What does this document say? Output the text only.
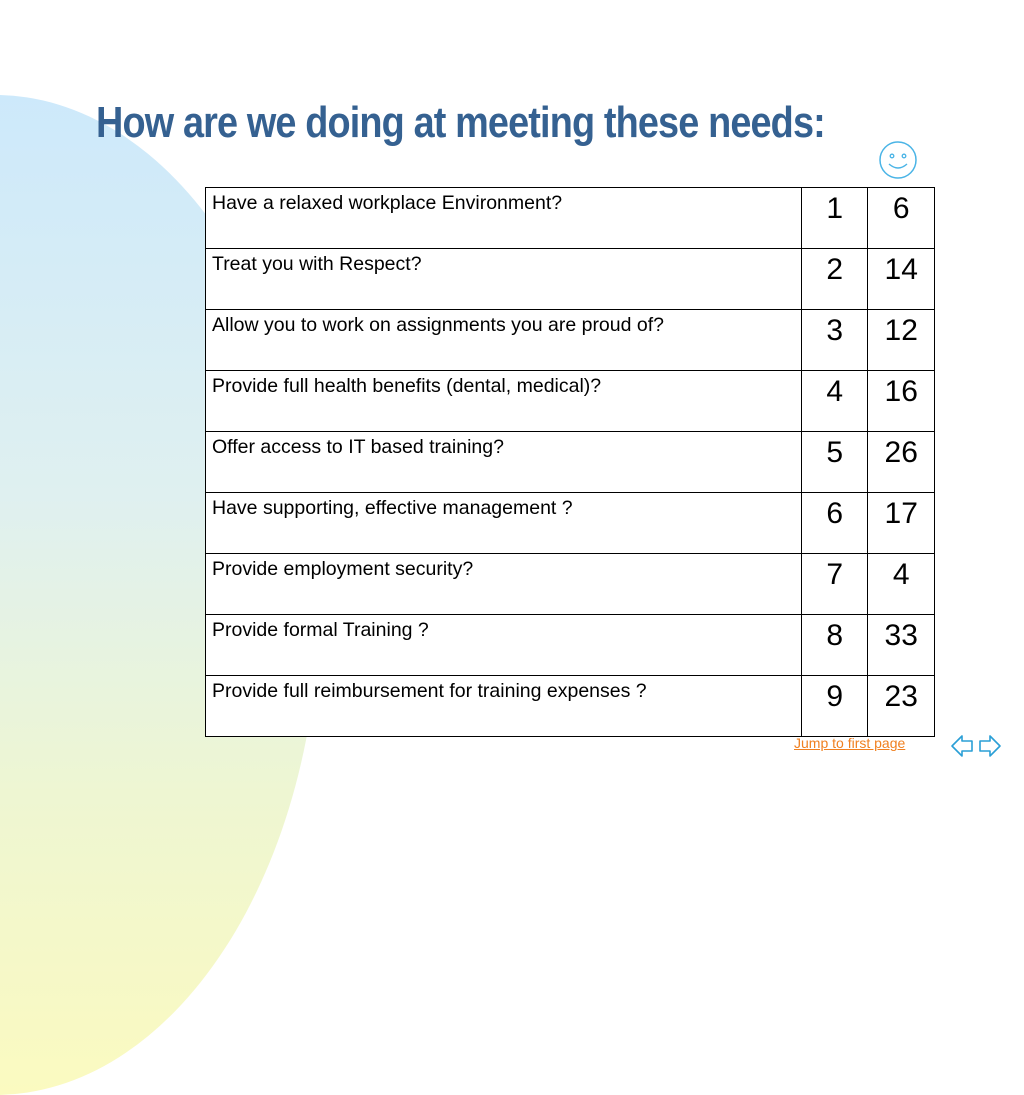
How are we doing at meeting these needs:
Have a relaxed workplace Environment?	1	6
Treat you with Respect?	2	14
Allow you to work on assignments you are proud of?	3	12
Provide full health benefits (dental, medical)?	4	16
Offer access to IT based training?	5	26
Have supporting, effective management ?	6	17
Provide employment security?	7	4
Provide formal Training ?	8	33
Provide full reimbursement for training expenses ?	9	23
Jump to first page
